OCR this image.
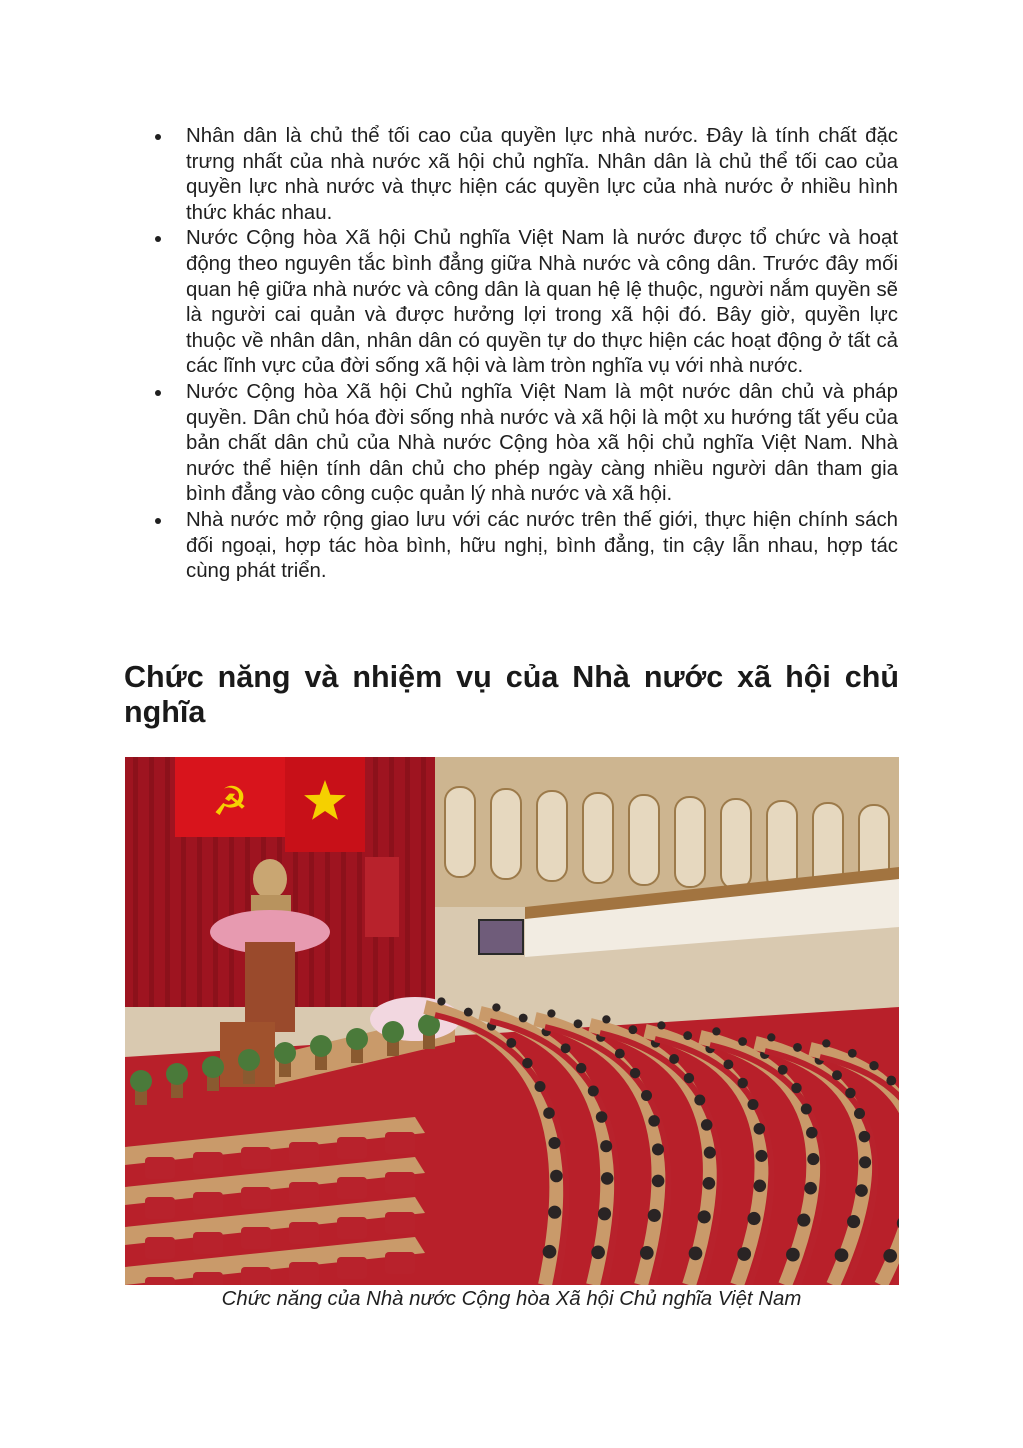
Nhân dân là chủ thể tối cao của quyền lực nhà nước. Đây là tính chất đặc trưng nhất của nhà nước xã hội chủ nghĩa. Nhân dân là chủ thể tối cao của quyền lực nhà nước và thực hiện các quyền lực của nhà nước ở nhiều hình thức khác nhau.
Nước Cộng hòa Xã hội Chủ nghĩa Việt Nam là nước được tổ chức và hoạt động theo nguyên tắc bình đẳng giữa Nhà nước và công dân. Trước đây mối quan hệ giữa nhà nước và công dân là quan hệ lệ thuộc, người nắm quyền sẽ là người cai quản và được hưởng lợi trong xã hội đó. Bây giờ, quyền lực thuộc về nhân dân, nhân dân có quyền tự do thực hiện các hoạt động ở tất cả các lĩnh vực của đời sống xã hội và làm tròn nghĩa vụ với nhà nước.
Nước Cộng hòa Xã hội Chủ nghĩa Việt Nam là một nước dân chủ và pháp quyền. Dân chủ hóa đời sống nhà nước và xã hội là một xu hướng tất yếu của bản chất dân chủ của Nhà nước Cộng hòa xã hội chủ nghĩa Việt Nam. Nhà nước thể hiện tính dân chủ cho phép ngày càng nhiều người dân tham gia bình đẳng vào công cuộc quản lý nhà nước và xã hội.
Nhà nước mở rộng giao lưu với các nước trên thế giới, thực hiện chính sách đối ngoại, hợp tác hòa bình, hữu nghị, bình đẳng, tin cậy lẫn nhau, hợp tác cùng phát triển.
Chức năng và nhiệm vụ của Nhà nước xã hội chủ nghĩa
☭
Chức năng của Nhà nước Cộng hòa Xã hội Chủ nghĩa Việt Nam
